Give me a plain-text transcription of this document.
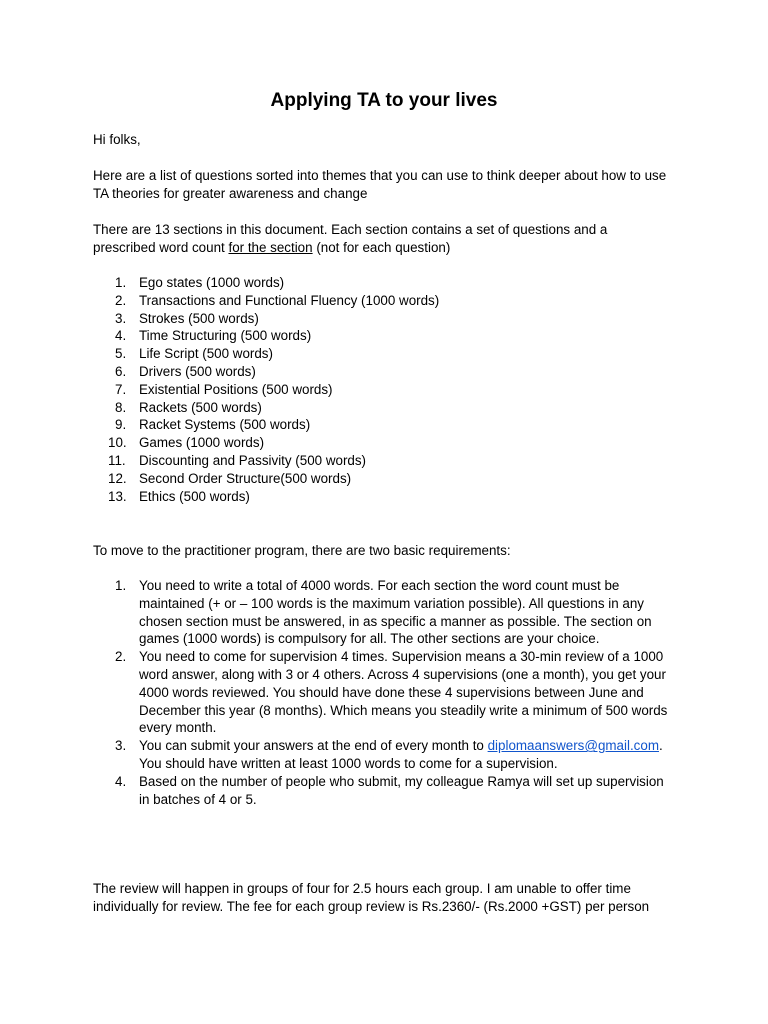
Applying TA to your lives

Hi folks,

Here are a list of questions sorted into themes that you can use to think deeper about how to use TA theories for greater awareness and change

There are 13 sections in this document. Each section contains a set of questions and a prescribed word count for the section (not for each question)

1. Ego states (1000 words)
2. Transactions and Functional Fluency (1000 words)
3. Strokes (500 words)
4. Time Structuring (500 words)
5. Life Script (500 words)
6. Drivers (500 words)
7. Existential Positions (500 words)
8. Rackets (500 words)
9. Racket Systems (500 words)
10. Games (1000 words)
11. Discounting and Passivity (500 words)
12. Second Order Structure(500 words)
13. Ethics (500 words)

To move to the practitioner program, there are two basic requirements:

1. You need to write a total of 4000 words. For each section the word count must be maintained (+ or – 100 words is the maximum variation possible). All questions in any chosen section must be answered, in as specific a manner as possible. The section on games (1000 words) is compulsory for all. The other sections are your choice.
2. You need to come for supervision 4 times. Supervision means a 30-min review of a 1000 word answer, along with 3 or 4 others. Across 4 supervisions (one a month), you get your 4000 words reviewed. You should have done these 4 supervisions between June and December this year (8 months). Which means you steadily write a minimum of 500 words every month.
3. You can submit your answers at the end of every month to diplomaanswers@gmail.com. You should have written at least 1000 words to come for a supervision.
4. Based on the number of people who submit, my colleague Ramya will set up supervision in batches of 4 or 5.

The review will happen in groups of four for 2.5 hours each group. I am unable to offer time individually for review. The fee for each group review is Rs.2360/- (Rs.2000 +GST) per person
